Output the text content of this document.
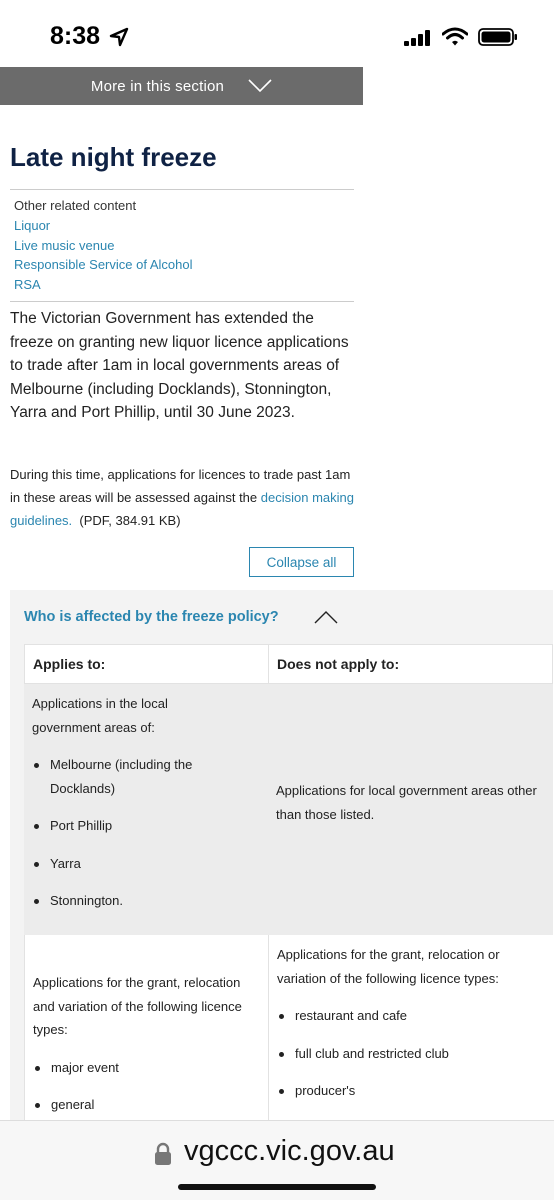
8:38
More in this section
Late night freeze
Other related content
Liquor
Live music venue
Responsible Service of Alcohol
RSA

The Victorian Government has extended the freeze on granting new liquor licence applications to trade after 1am in local governments areas of Melbourne (including Docklands), Stonnington, Yarra and Port Phillip, until 30 June 2023.

During this time, applications for licences to trade past 1am in these areas will be assessed against the decision making guidelines. (PDF, 384.91 KB)

Collapse all
Who is affected by the freeze policy?
Applies to:	Does not apply to:
Applications in the local government areas of:
Melbourne (including the Docklands)
Port Phillip
Yarra
Stonnington.
Applications for local government areas other than those listed.
Applications for the grant, relocation and variation of the following licence types:
major event
general
Applications for the grant, relocation or variation of the following licence types:
restaurant and cafe
full club and restricted club
producer's
vgccc.vic.gov.au
